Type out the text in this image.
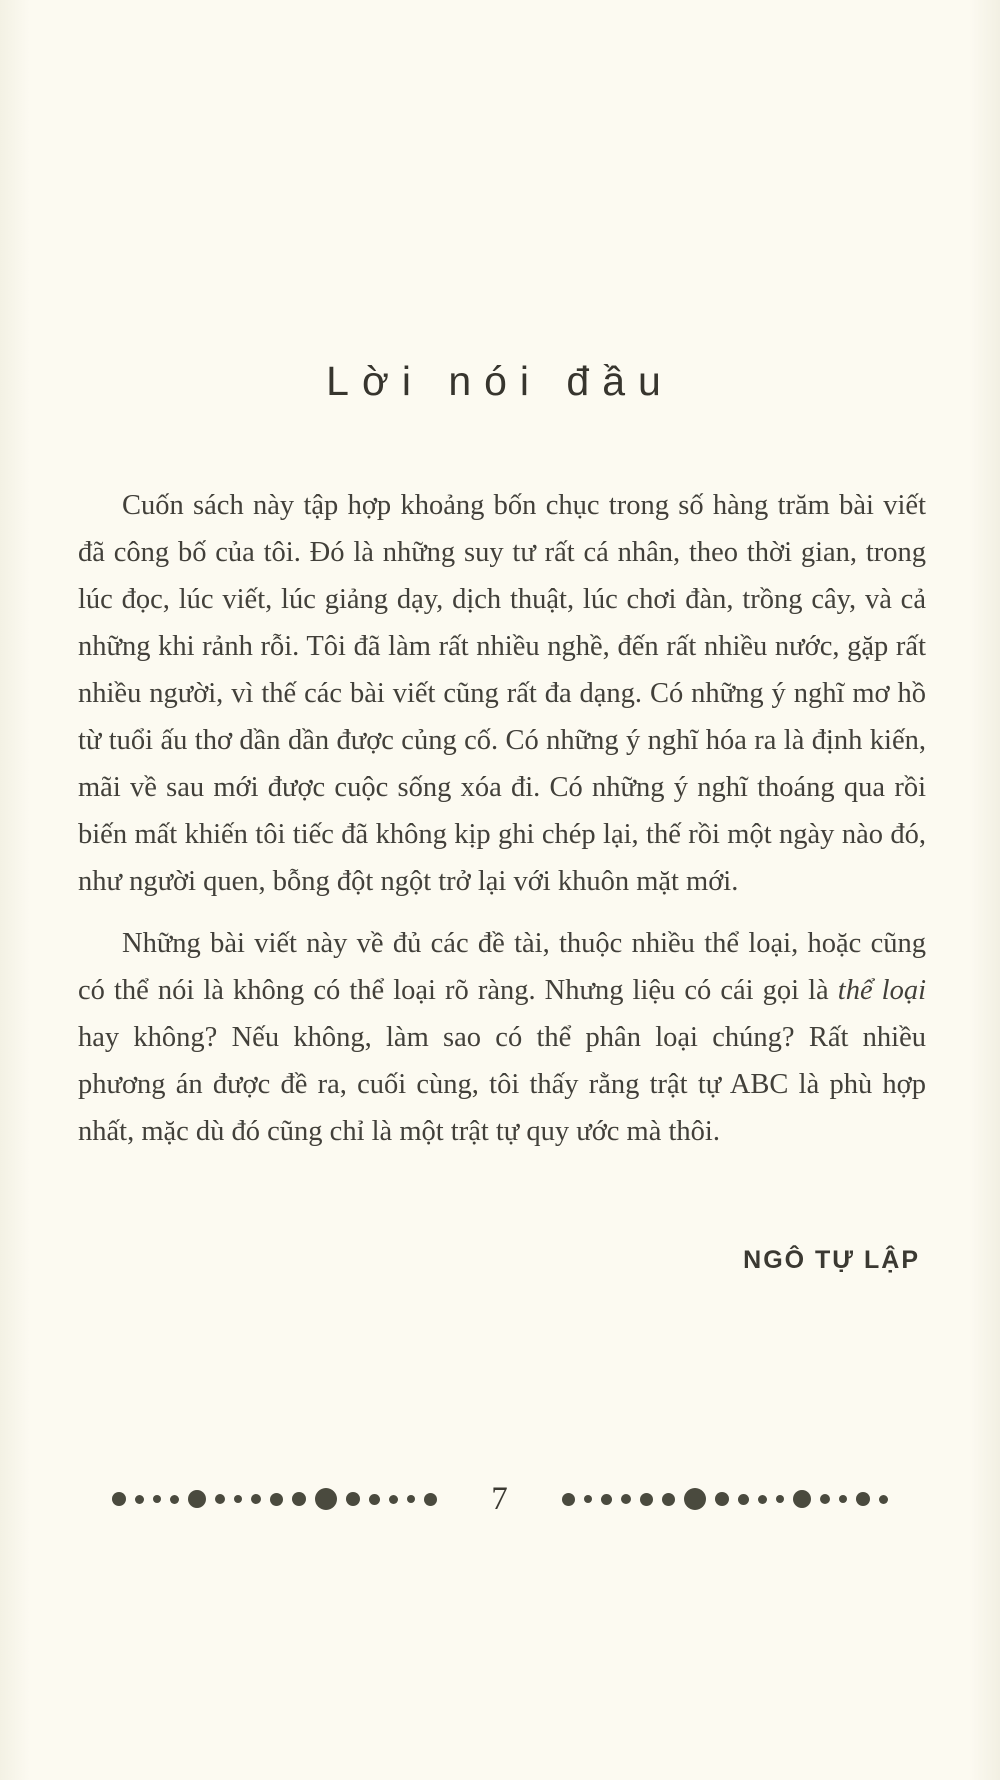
Lời nói đầu

Cuốn sách này tập hợp khoảng bốn chục trong số hàng trăm bài viết đã công bố của tôi. Đó là những suy tư rất cá nhân, theo thời gian, trong lúc đọc, lúc viết, lúc giảng dạy, dịch thuật, lúc chơi đàn, trồng cây, và cả những khi rảnh rỗi. Tôi đã làm rất nhiều nghề, đến rất nhiều nước, gặp rất nhiều người, vì thế các bài viết cũng rất đa dạng. Có những ý nghĩ mơ hồ từ tuổi ấu thơ dần dần được củng cố. Có những ý nghĩ hóa ra là định kiến, mãi về sau mới được cuộc sống xóa đi. Có những ý nghĩ thoáng qua rồi biến mất khiến tôi tiếc đã không kịp ghi chép lại, thế rồi một ngày nào đó, như người quen, bỗng đột ngột trở lại với khuôn mặt mới.

Những bài viết này về đủ các đề tài, thuộc nhiều thể loại, hoặc cũng có thể nói là không có thể loại rõ ràng. Nhưng liệu có cái gọi là thể loại hay không? Nếu không, làm sao có thể phân loại chúng? Rất nhiều phương án được đề ra, cuối cùng, tôi thấy rằng trật tự ABC là phù hợp nhất, mặc dù đó cũng chỉ là một trật tự quy ước mà thôi.

NGÔ TỰ LẬP
7
